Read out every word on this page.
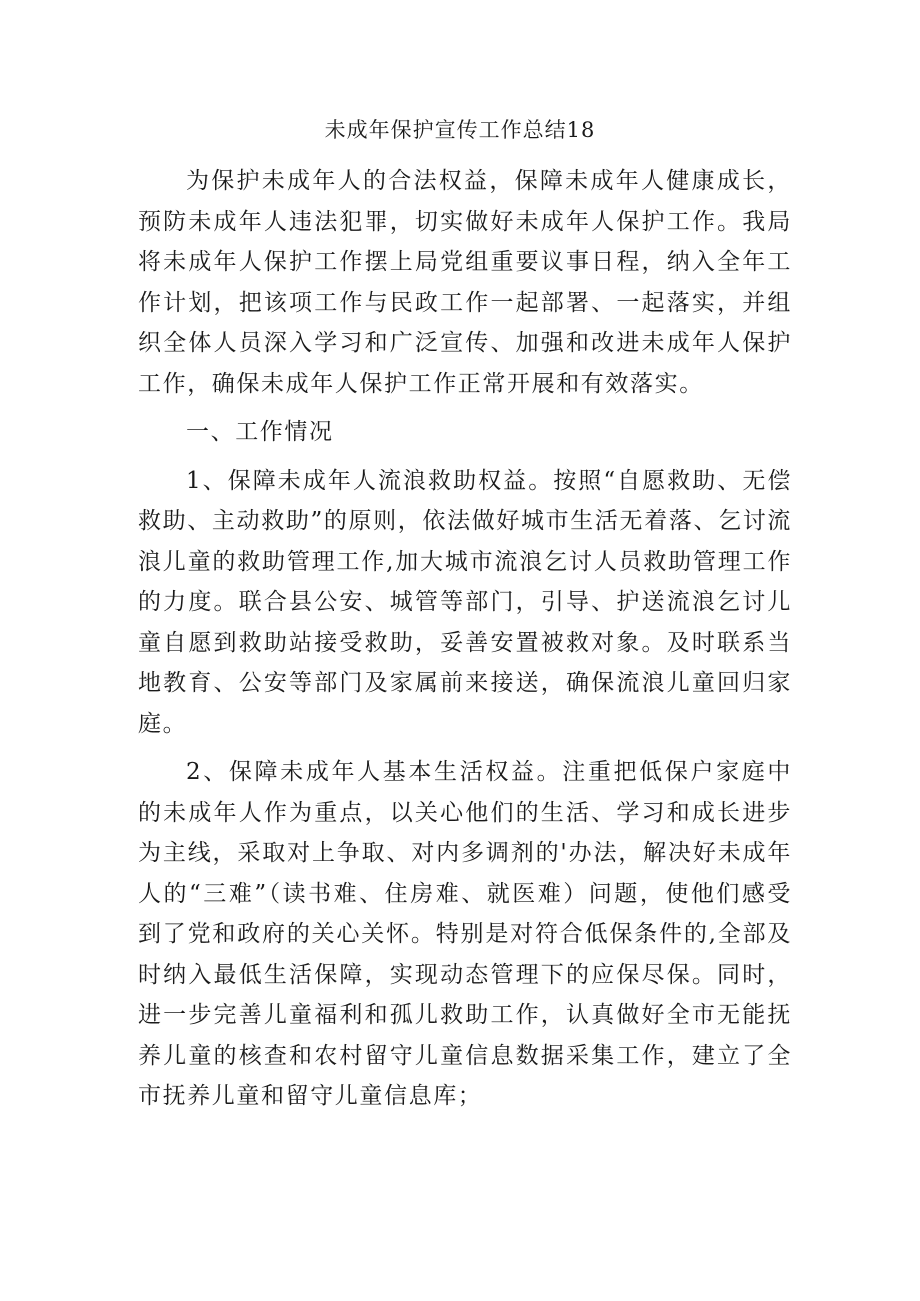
未成年保护宣传工作总结18

为保护未成年人的合法权益，保障未成年人健康成长，预防未成年人违法犯罪，切实做好未成年人保护工作。我局将未成年人保护工作摆上局党组重要议事日程，纳入全年工作计划，把该项工作与民政工作一起部署、一起落实，并组织全体人员深入学习和广泛宣传、加强和改进未成年人保护工作，确保未成年人保护工作正常开展和有效落实。

一、工作情况

1、保障未成年人流浪救助权益。按照“自愿救助、无偿救助、主动救助”的原则，依法做好城市生活无着落、乞讨流浪儿童的救助管理工作,加大城市流浪乞讨人员救助管理工作的力度。联合县公安、城管等部门，引导、护送流浪乞讨儿童自愿到救助站接受救助，妥善安置被救对象。及时联系当地教育、公安等部门及家属前来接送，确保流浪儿童回归家庭。

2、保障未成年人基本生活权益。注重把低保户家庭中的未成年人作为重点，以关心他们的生活、学习和成长进步为主线，采取对上争取、对内多调剂的'办法，解决好未成年人的“三难”（读书难、住房难、就医难）问题，使他们感受到了党和政府的关心关怀。特别是对符合低保条件的,全部及时纳入最低生活保障，实现动态管理下的应保尽保。同时，进一步完善儿童福利和孤儿救助工作，认真做好全市无能抚养儿童的核查和农村留守儿童信息数据采集工作，建立了全市抚养儿童和留守儿童信息库；
